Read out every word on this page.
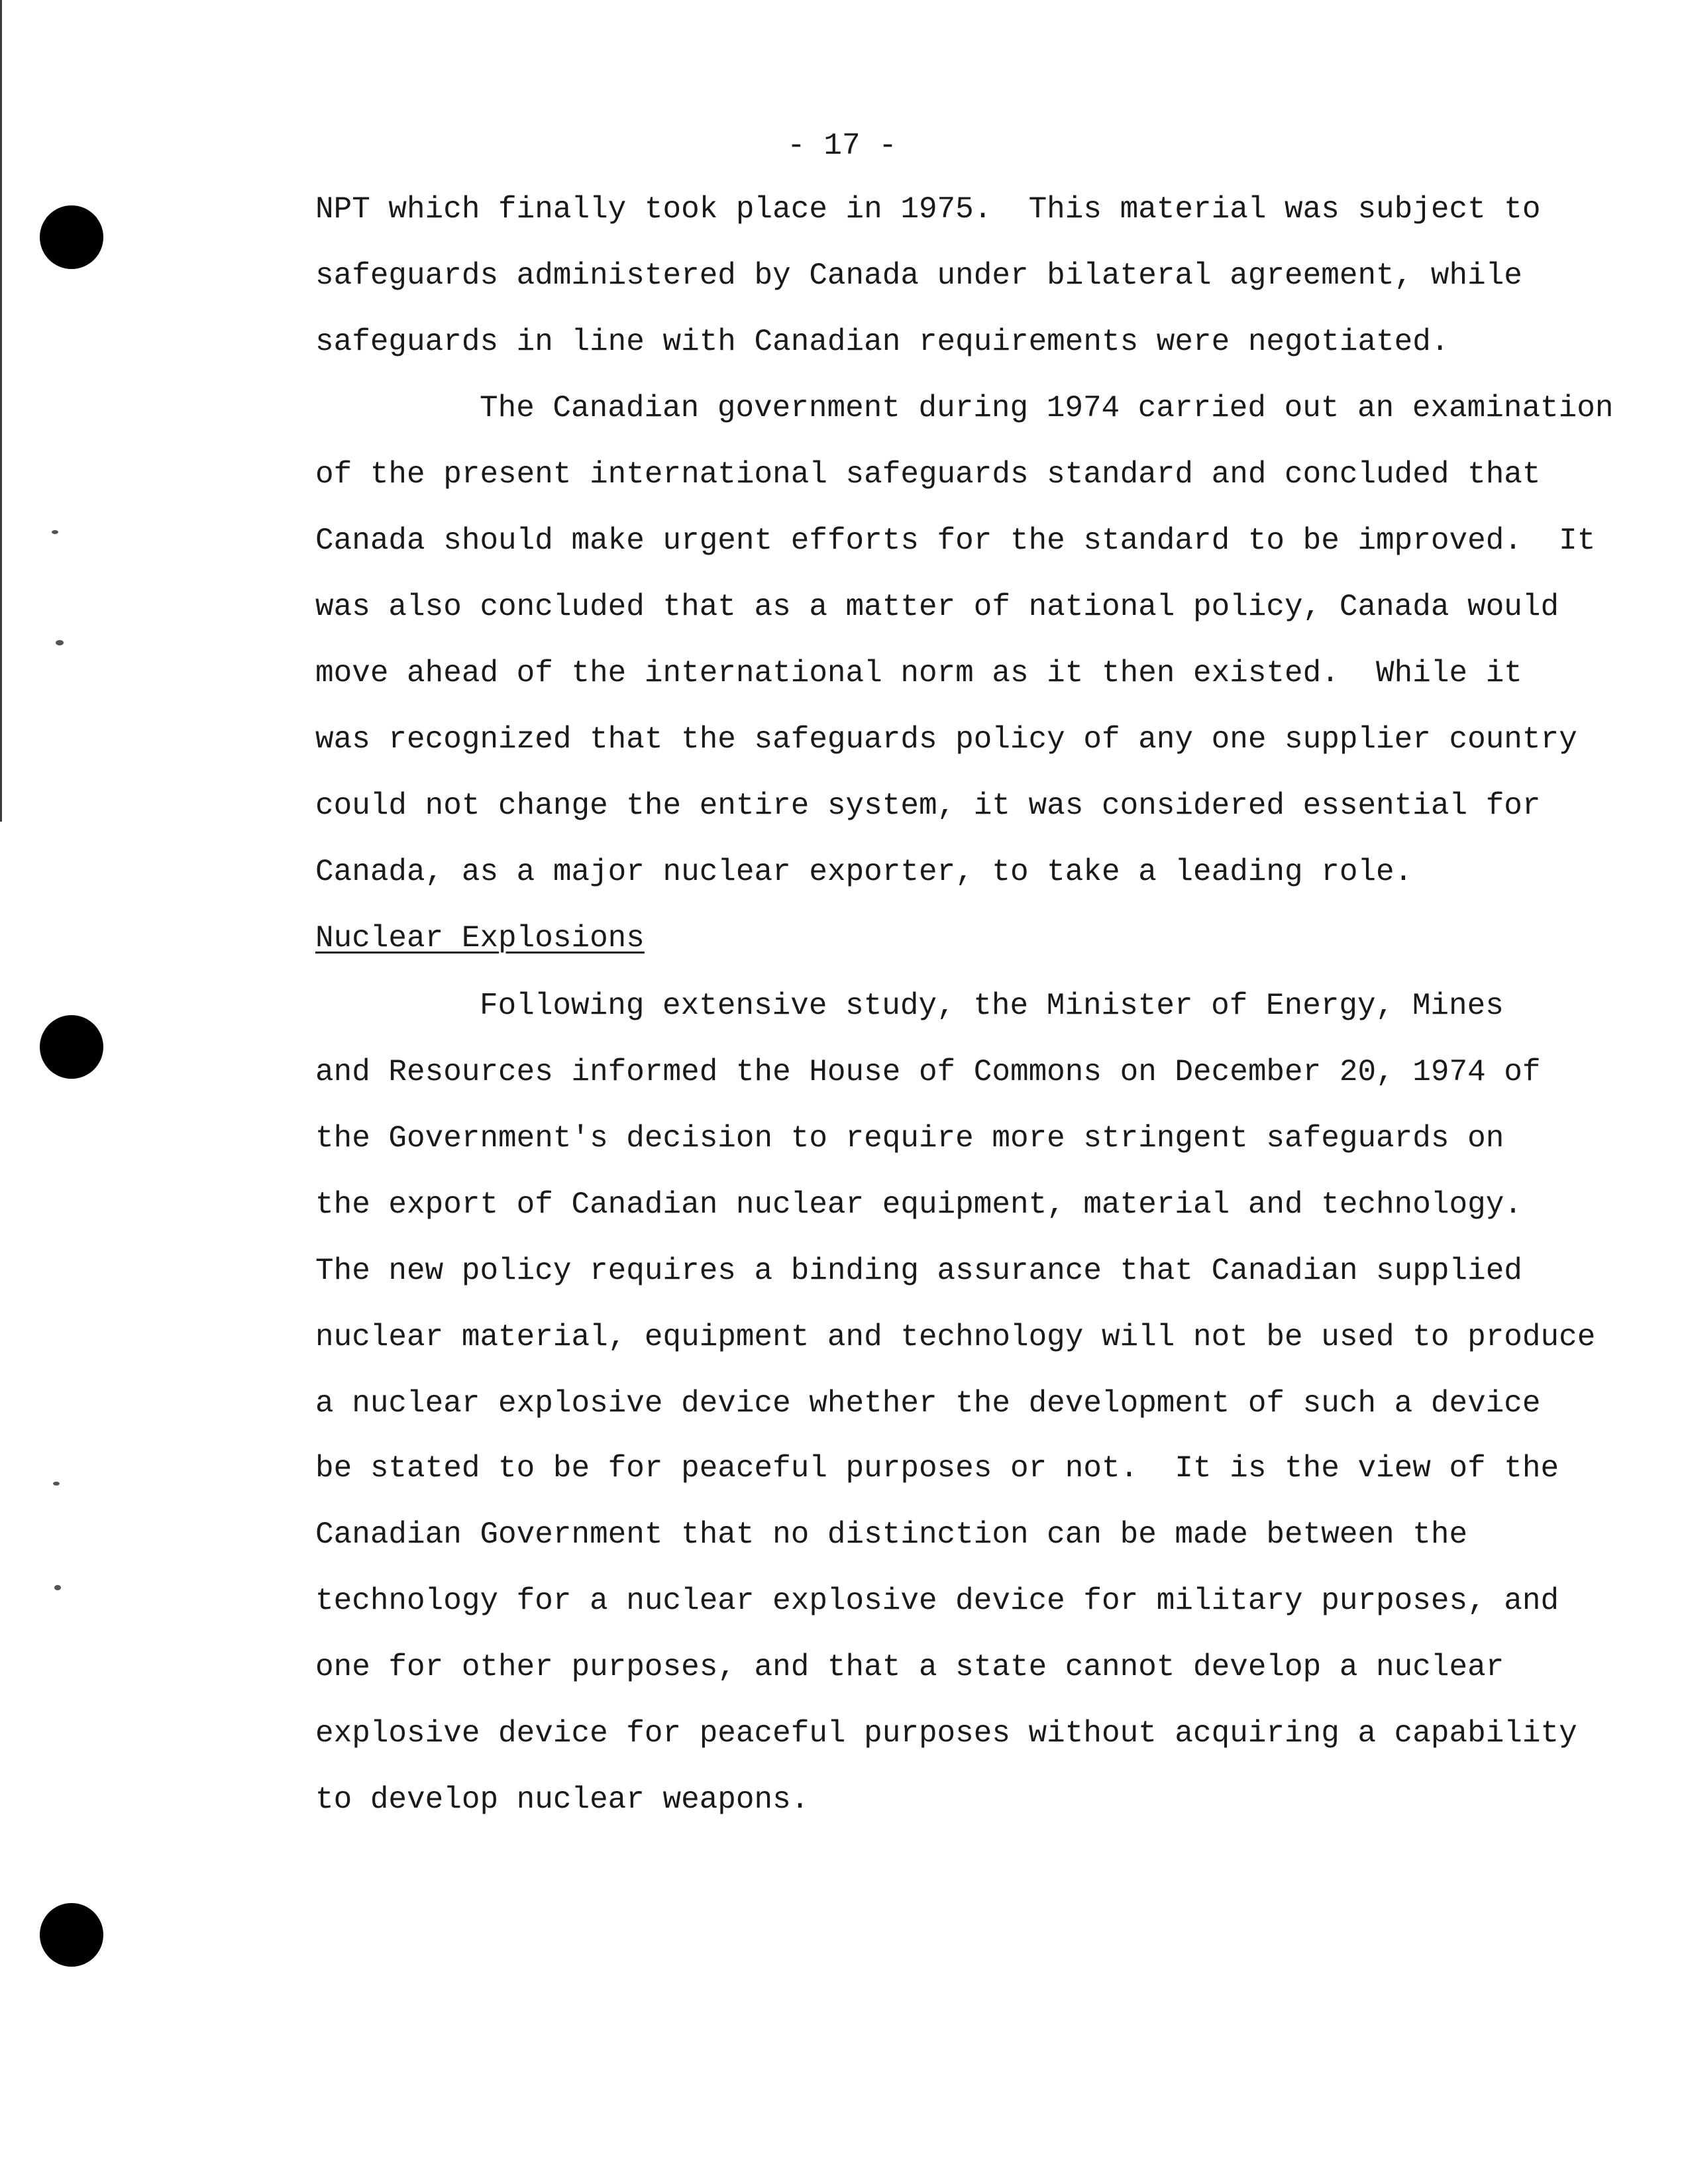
- 17 -
NPT which finally took place in 1975.  This material was subject to
safeguards administered by Canada under bilateral agreement, while
safeguards in line with Canadian requirements were negotiated.
The Canadian government during 1974 carried out an examination
of the present international safeguards standard and concluded that
Canada should make urgent efforts for the standard to be improved.  It
was also concluded that as a matter of national policy, Canada would
move ahead of the international norm as it then existed.  While it
was recognized that the safeguards policy of any one supplier country
could not change the entire system, it was considered essential for
Canada, as a major nuclear exporter, to take a leading role.
Nuclear Explosions
Following extensive study, the Minister of Energy, Mines
and Resources informed the House of Commons on December 20, 1974 of
the Government's decision to require more stringent safeguards on
the export of Canadian nuclear equipment, material and technology.
The new policy requires a binding assurance that Canadian supplied
nuclear material, equipment and technology will not be used to produce
a nuclear explosive device whether the development of such a device
be stated to be for peaceful purposes or not.  It is the view of the
Canadian Government that no distinction can be made between the
technology for a nuclear explosive device for military purposes, and
one for other purposes, and that a state cannot develop a nuclear
explosive device for peaceful purposes without acquiring a capability
to develop nuclear weapons.
